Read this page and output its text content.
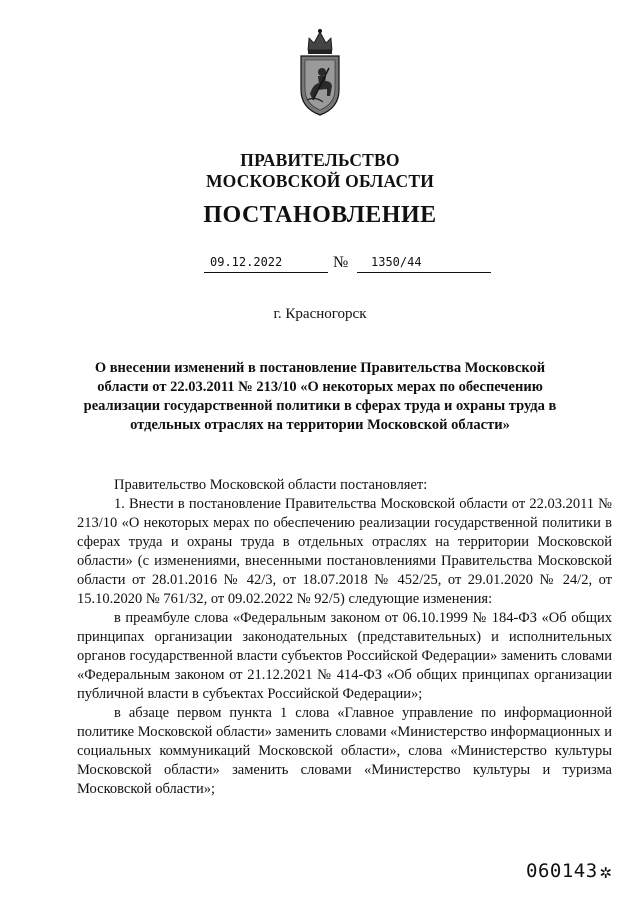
ПРАВИТЕЛЬСТВО
МОСКОВСКОЙ ОБЛАСТИ
ПОСТАНОВЛЕНИЕ
09.12.2022	№	1350/44
г. Красногорск
О внесении изменений в постановление Правительства Московской области от 22.03.2011 № 213/10 «О некоторых мерах по обеспечению реализации государственной политики в сферах труда и охраны труда в отдельных отраслях на территории Московской области»

Правительство Московской области постановляет:

1. Внести в постановление Правительства Московской области от 22.03.2011 № 213/10 «О некоторых мерах по обеспечению реализации государственной политики в сферах труда и охраны труда в отдельных отраслях на территории Московской области» (с изменениями, внесенными постановлениями Правительства Московской области от 28.01.2016 № 42/3, от 18.07.2018 № 452/25, от 29.01.2020 № 24/2, от 15.10.2020 № 761/32, от 09.02.2022 № 92/5) следующие изменения:

в преамбуле слова «Федеральным законом от 06.10.1999 № 184-ФЗ «Об общих принципах организации законодательных (представительных) и исполнительных органов государственной власти субъектов Российской Федерации» заменить словами «Федеральным законом от 21.12.2021 № 414-ФЗ «Об общих принципах организации публичной власти в субъектах Российской Федерации»;

в абзаце первом пункта 1 слова «Главное управление по информационной политике Московской области» заменить словами «Министерство информационных и социальных коммуникаций Московской области», слова «Министерство культуры Московской области» заменить словами «Министерство культуры и туризма Московской области»;

060143 ✲
